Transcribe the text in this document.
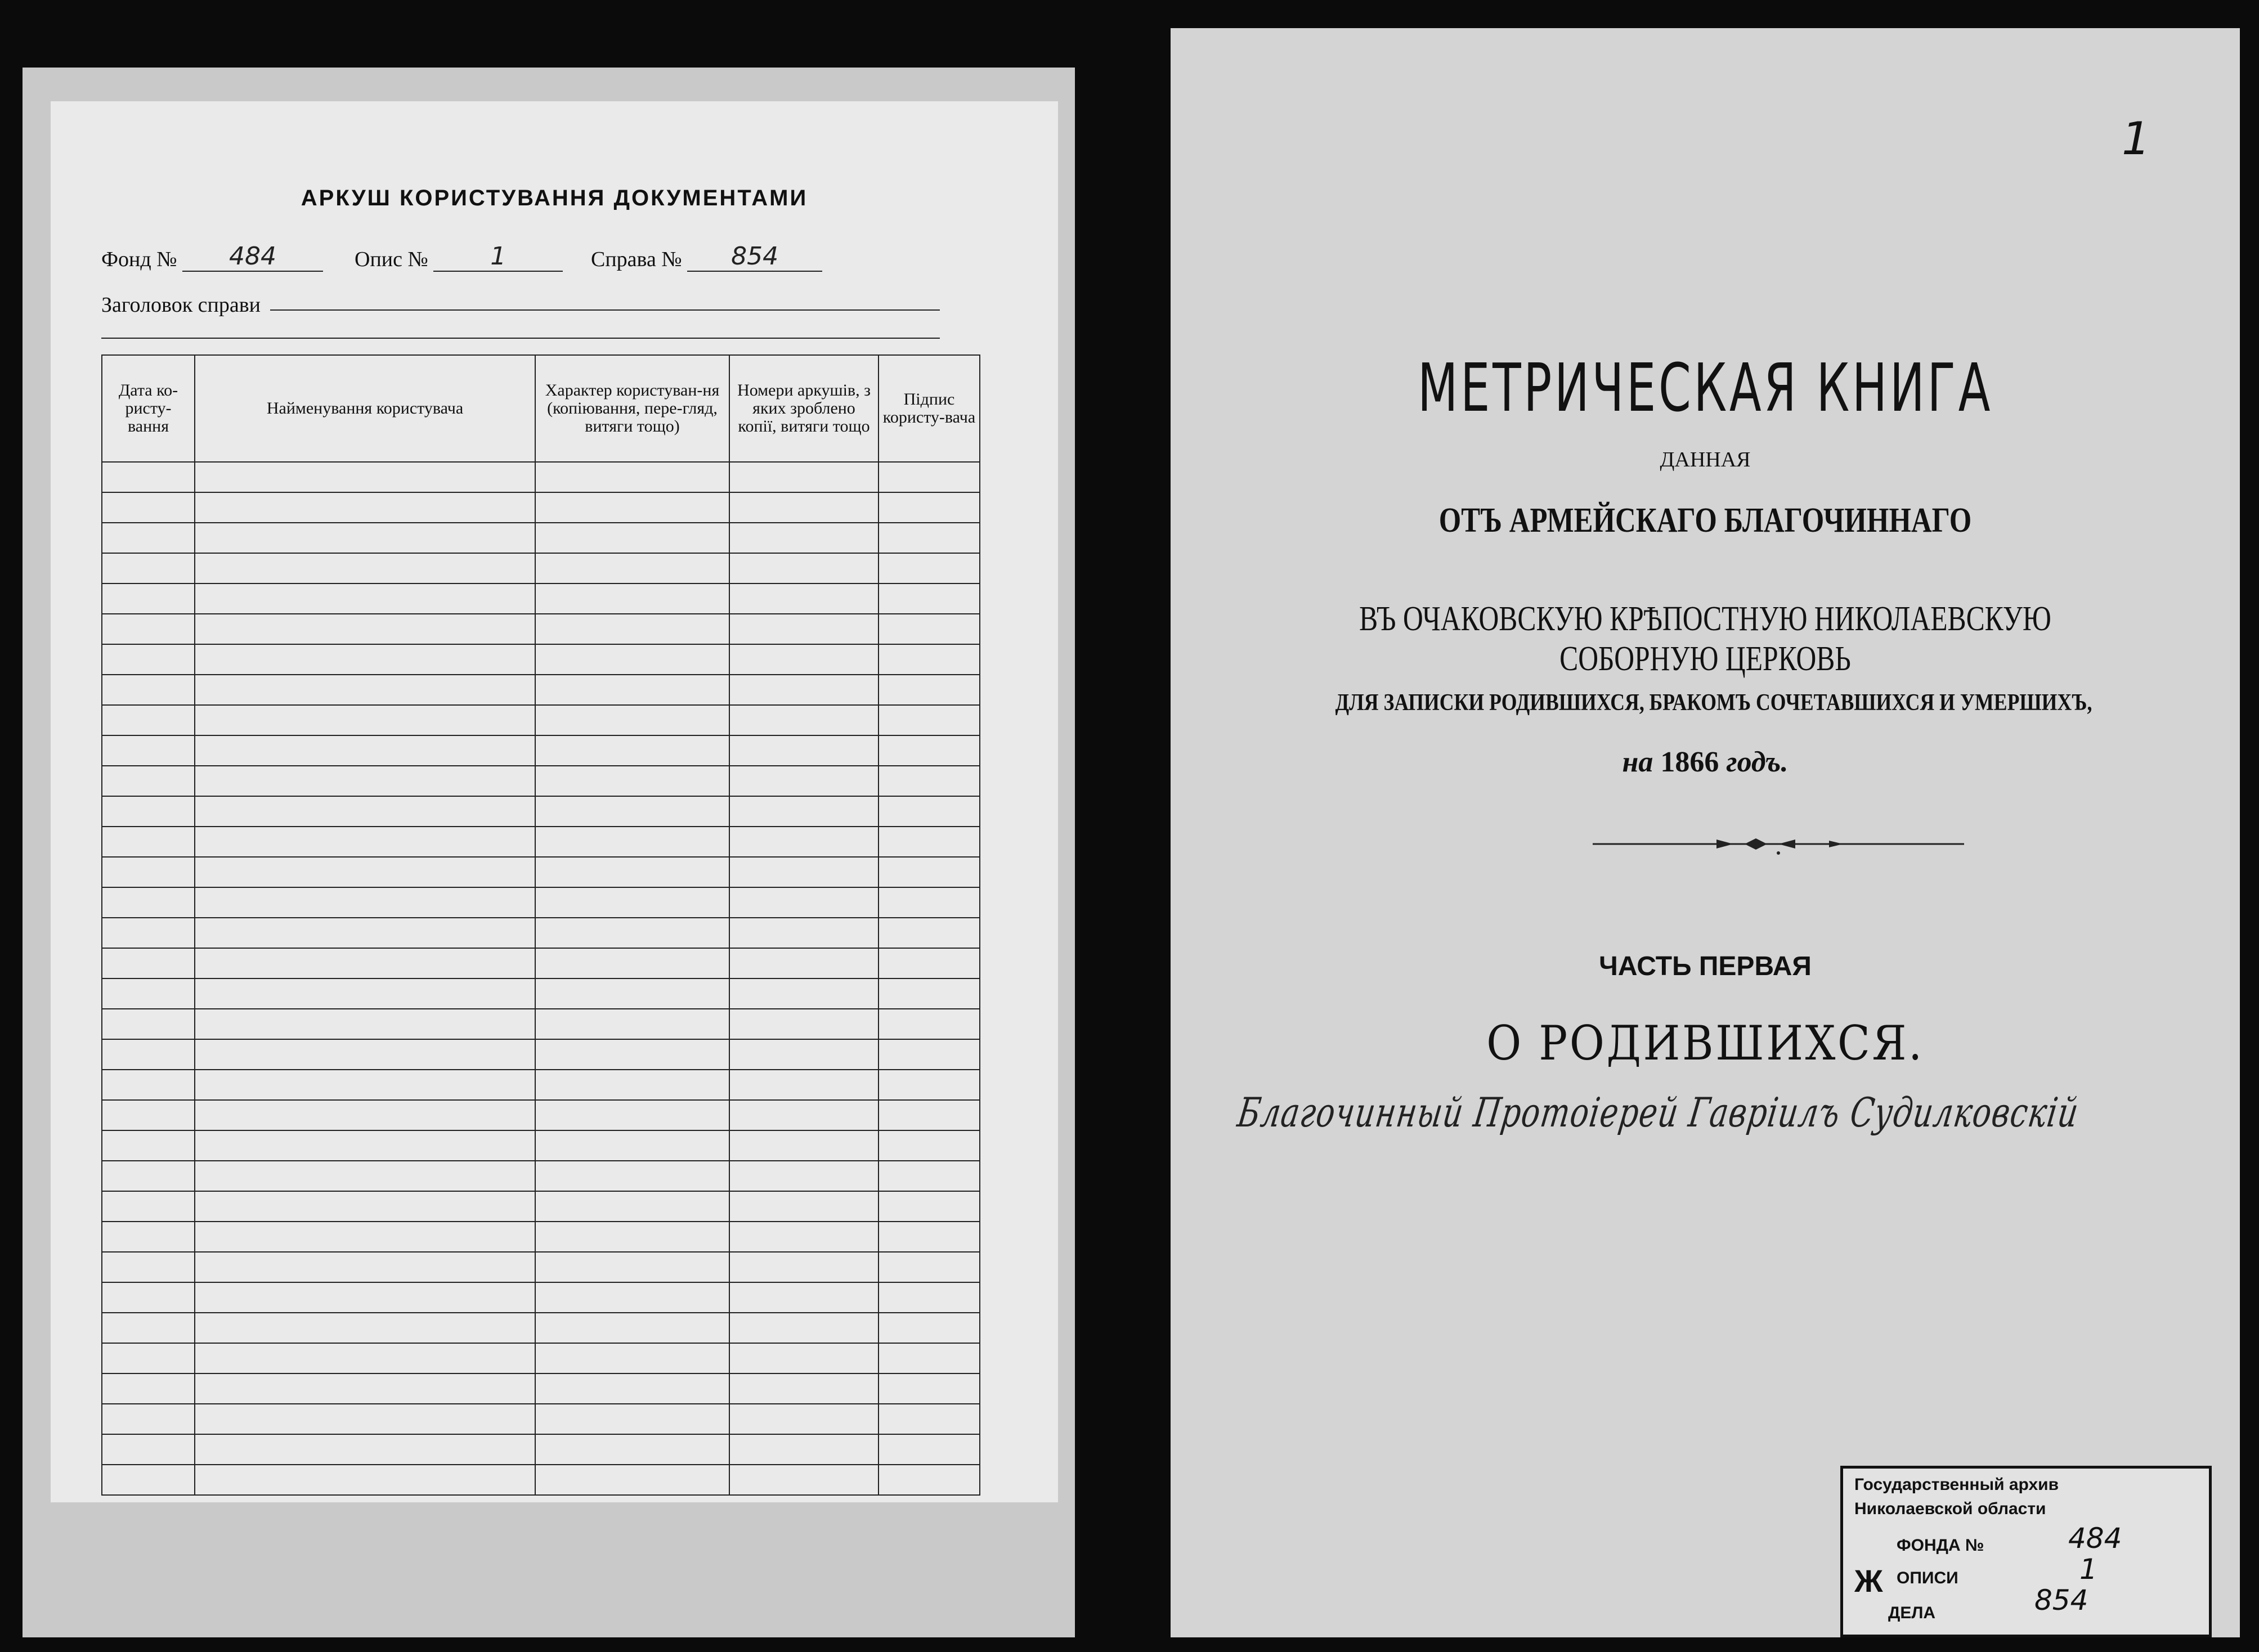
АРКУШ КОРИСТУВАННЯ ДОКУМЕНТАМИ
Фонд № 484	Опис №	1	Справа № 854
Заголовок справи
Дата ко-ристу-вання	Найменування користувача	Характер користуван-ня (копіювання, пере-гляд, витяги тощо)	Номери аркушів, з яких зроблено копії, витяги тощо	Підпис користу-вача

1
МЕТРИЧЕСКАЯ КНИГА
ДАННАЯ
ОТЪ АРМЕЙСКАГО БЛАГОЧИННАГО
ВЪ ОЧАКОВСКУЮ КРѢПОСТНУЮ НИКОЛАЕВСКУЮ СОБОРНУЮ ЦЕРКОВЬ
ДЛЯ ЗАПИСКИ РОДИВШИХСЯ, БРАКОМЪ СОЧЕТАВШИХСЯ И УМЕРШИХЪ,
на 1866 годъ.
ЧАСТЬ ПЕРВАЯ
О РОДИВШИХСЯ.
Благочинный Протоіерей Гавріилъ Судилковскій
Государственный архив
Николаевской области
Ж
ФОНДА №	484
ОПИСИ	1
ДЕЛА	854
